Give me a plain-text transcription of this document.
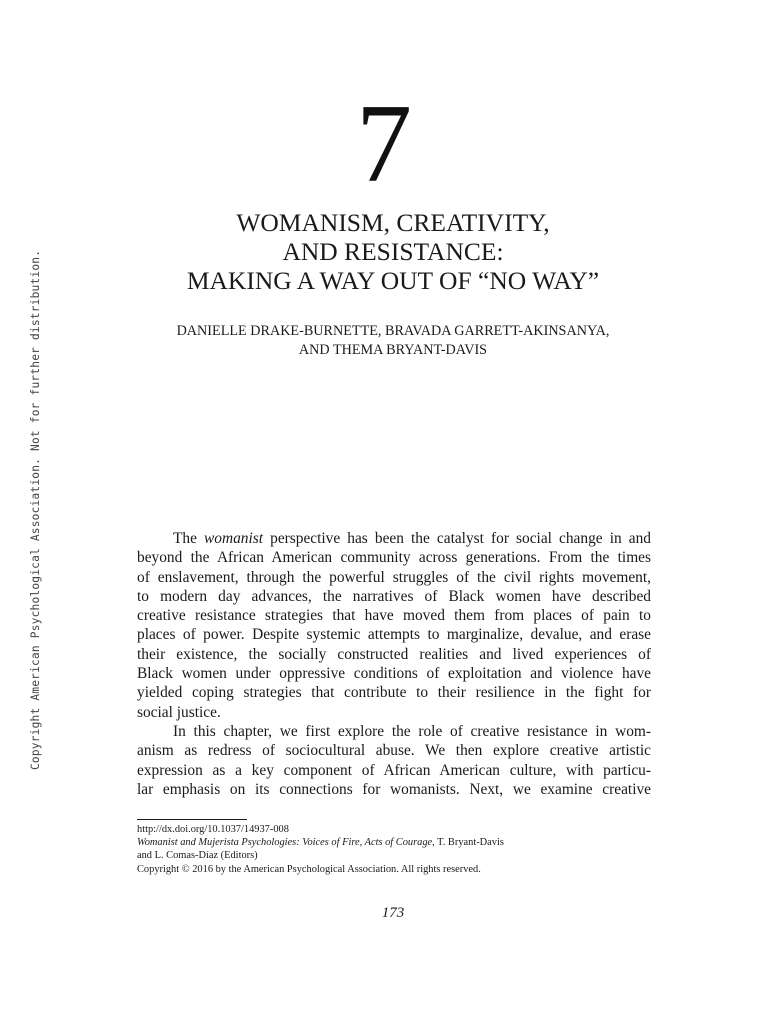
Copyright American Psychological Association. Not for further distribution.
7
WOMANISM, CREATIVITY,
AND RESISTANCE:
MAKING A WAY OUT OF “NO WAY”
DANIELLE DRAKE-BURNETTE, BRAVADA GARRETT-AKINSANYA,
AND THEMA BRYANT-DAVIS
The womanist perspective has been the catalyst for social change in and
beyond the African American community across generations. From the times
of enslavement, through the powerful struggles of the civil rights movement,
to modern day advances, the narratives of Black women have described
creative resistance strategies that have moved them from places of pain to
places of power. Despite systemic attempts to marginalize, devalue, and erase
their existence, the socially constructed realities and lived experiences of
Black women under oppressive conditions of exploitation and violence have
yielded coping strategies that contribute to their resilience in the fight for
social justice.
In this chapter, we first explore the role of creative resistance in wom-
anism as redress of sociocultural abuse. We then explore creative artistic
expression as a key component of African American culture, with particu-
lar emphasis on its connections for womanists. Next, we examine creative
http://dx.doi.org/10.1037/14937-008
Womanist and Mujerista Psychologies: Voices of Fire, Acts of Courage, T. Bryant-Davis
and L. Comas-Díaz (Editors)
Copyright © 2016 by the American Psychological Association. All rights reserved.
173
